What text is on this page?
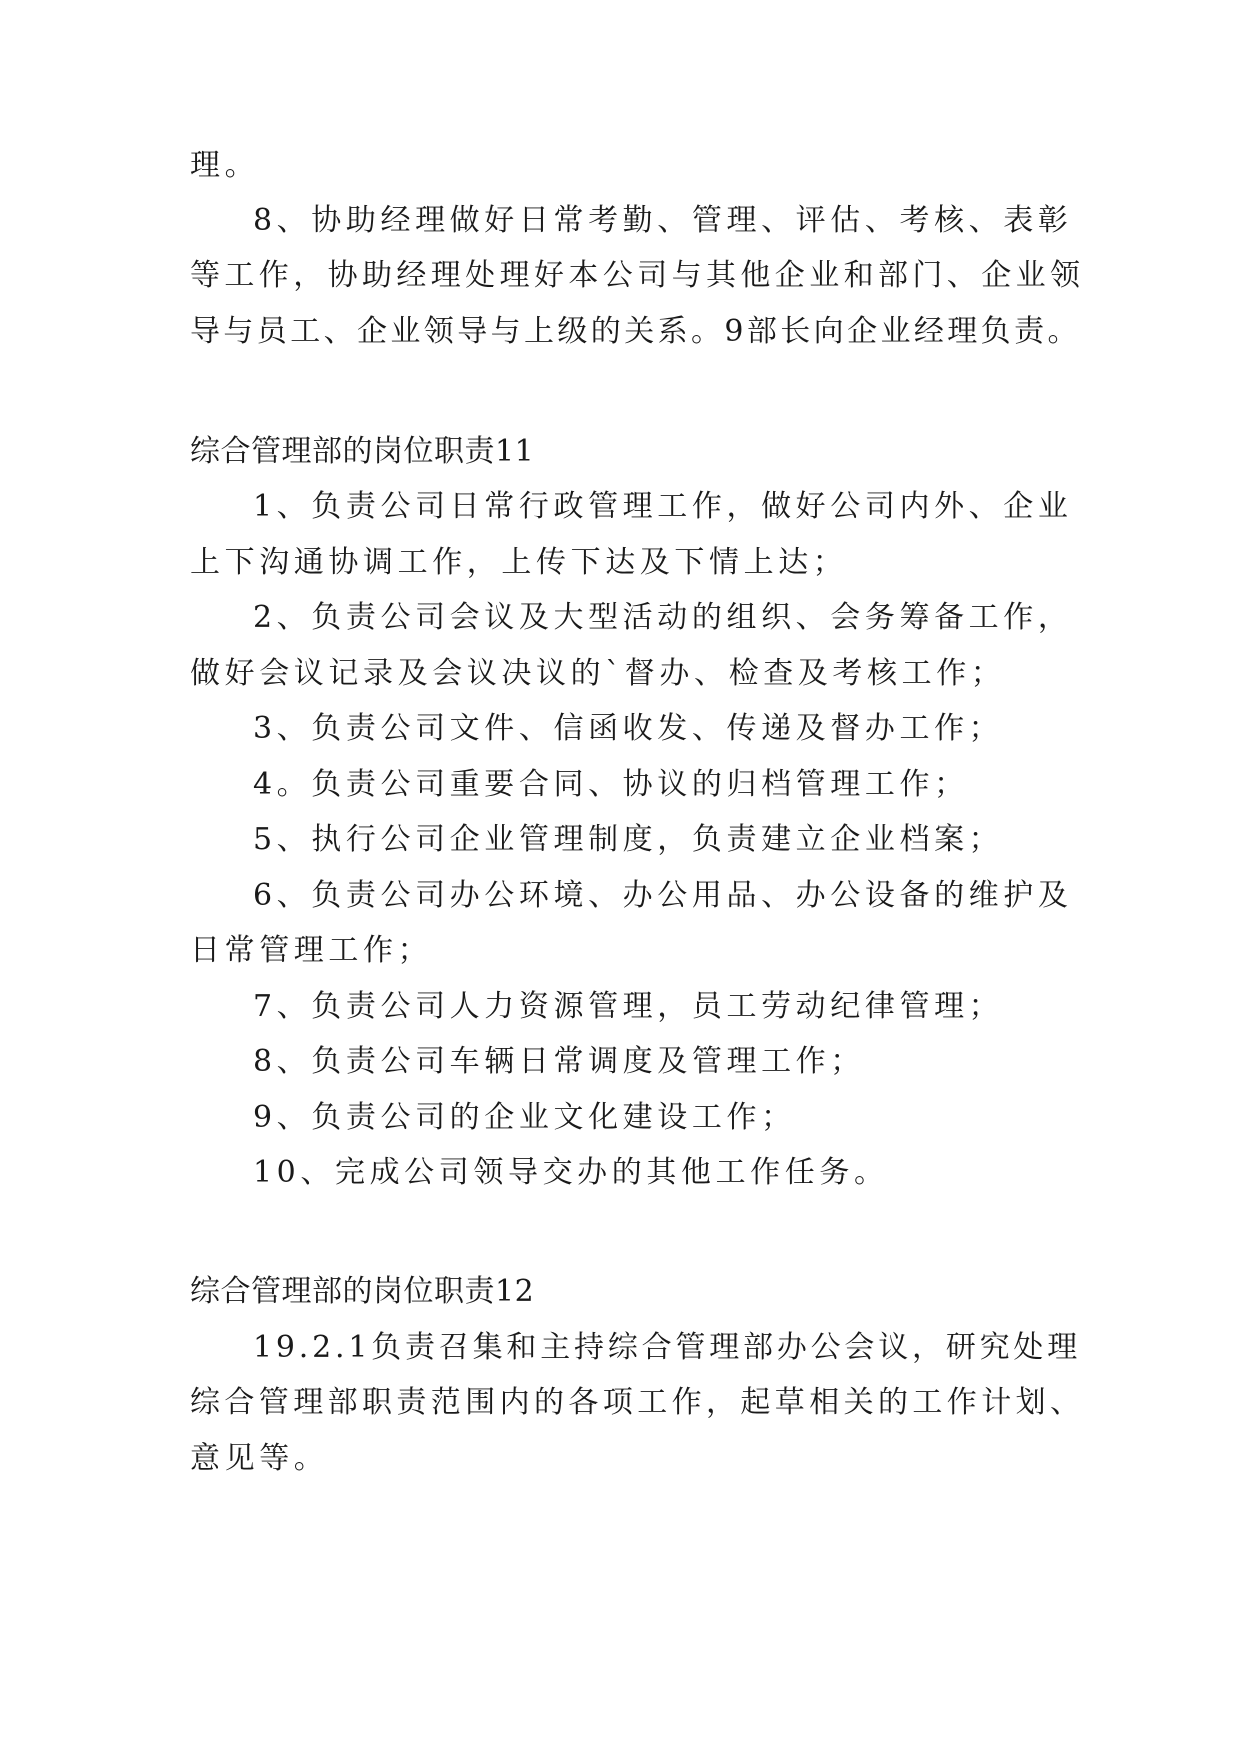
理。

8、协助经理做好日常考勤、管理、评估、考核、表彰

等工作，协助经理处理好本公司与其他企业和部门、企业领

导与员工、企业领导与上级的关系。9部长向企业经理负责。

综合管理部的岗位职责11

1、负责公司日常行政管理工作，做好公司内外、企业

上下沟通协调工作，上传下达及下情上达；

2、负责公司会议及大型活动的组织、会务筹备工作，

做好会议记录及会议决议的`督办、检查及考核工作；

3、负责公司文件、信函收发、传递及督办工作；

4。负责公司重要合同、协议的归档管理工作；

5、执行公司企业管理制度，负责建立企业档案；

6、负责公司办公环境、办公用品、办公设备的维护及

日常管理工作；

7、负责公司人力资源管理，员工劳动纪律管理；

8、负责公司车辆日常调度及管理工作；

9、负责公司的企业文化建设工作；

10、完成公司领导交办的其他工作任务。

综合管理部的岗位职责12

19.2.1负责召集和主持综合管理部办公会议，研究处理

综合管理部职责范围内的各项工作，起草相关的工作计划、

意见等。
